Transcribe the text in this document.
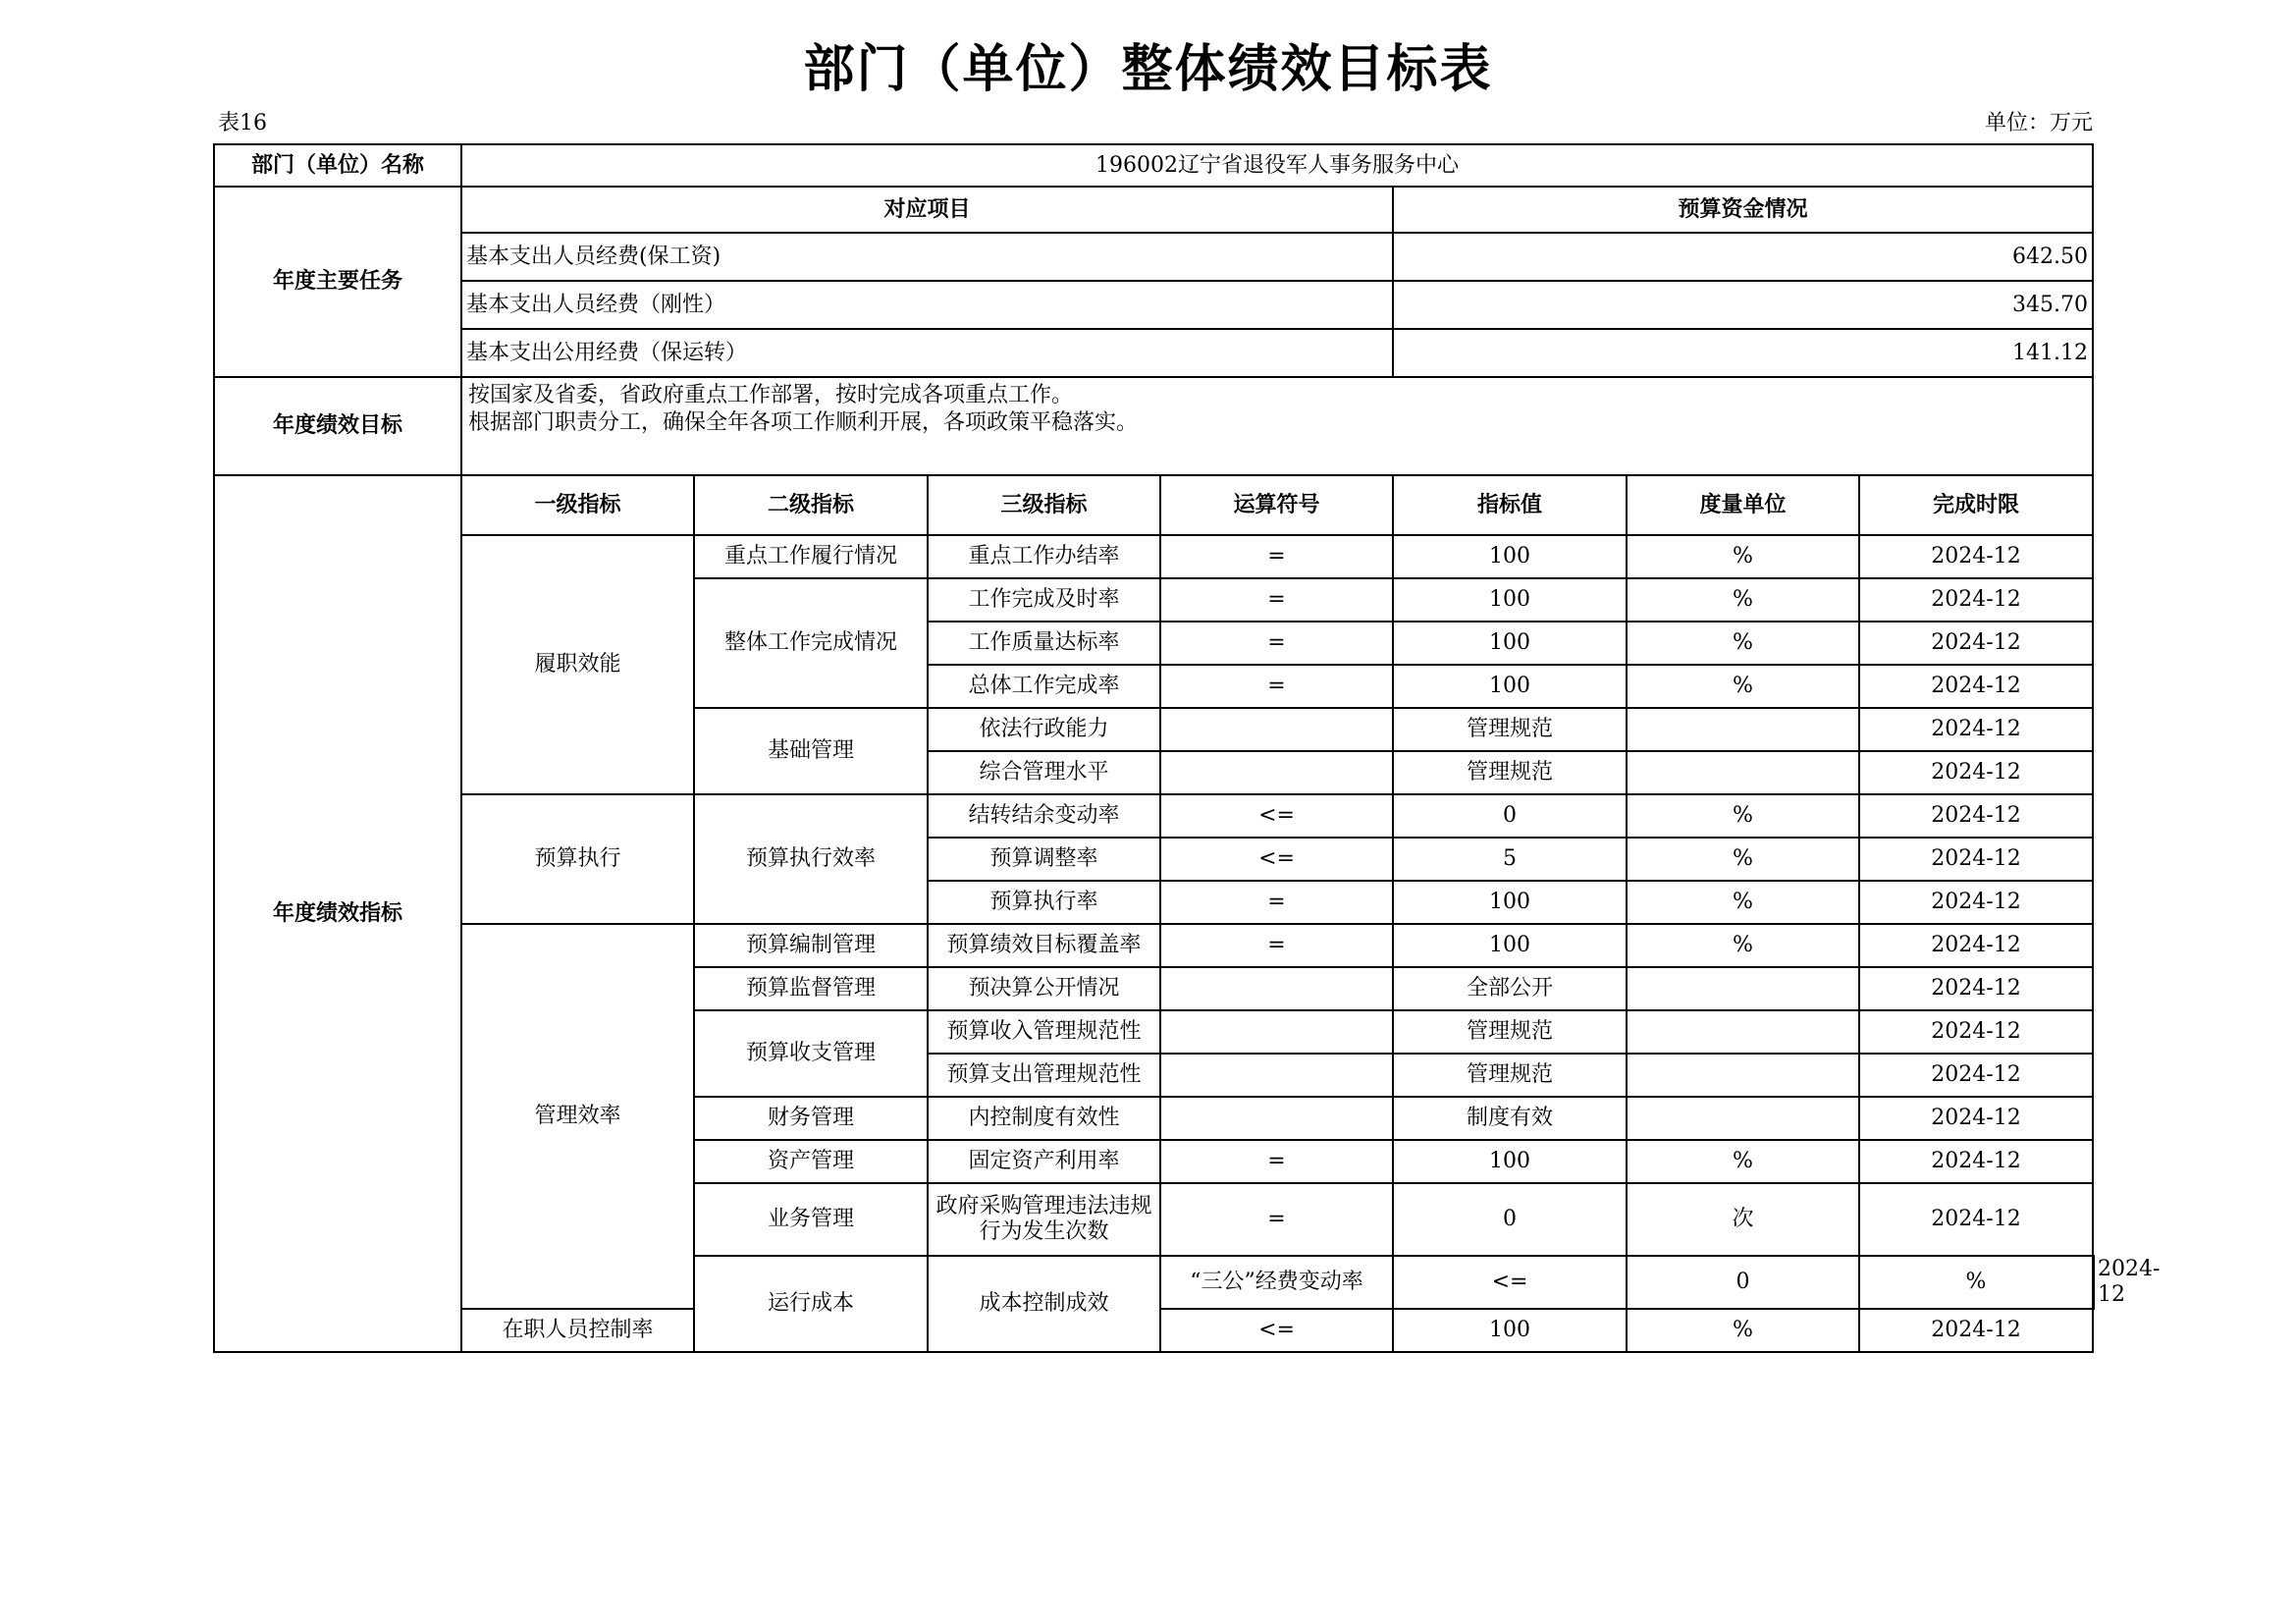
部门（单位）整体绩效目标表
表16	单位：万元
部门（单位）名称	196002辽宁省退役军人事务服务中心							
年度主要任务	对应项目				预算资金情况			
	基本支出人员经费(保工资)				642.50			
	基本支出人员经费（刚性）				345.70			
	基本支出公用经费（保运转）				141.12			
年度绩效目标	按国家及省委，省政府重点工作部署，按时完成各项重点工作。
根据部门职责分工，确保全年各项工作顺利开展，各项政策平稳落实。							

年度绩效指标	一级指标	二级指标	三级指标	运算符号	指标值	度量单位	完成时限	
	履职效能	重点工作履行情况	重点工作办结率	=	100	%	2024-12	
		整体工作完成情况	工作完成及时率	=	100	%	2024-12	
			工作质量达标率	=	100	%	2024-12	
			总体工作完成率	=	100	%	2024-12	
		基础管理	依法行政能力		管理规范		2024-12	
			综合管理水平		管理规范		2024-12	
	预算执行	预算执行效率	结转结余变动率	<=	0	%	2024-12	
			预算调整率	<=	5	%	2024-12	
			预算执行率	=	100	%	2024-12	
	管理效率	预算编制管理	预算绩效目标覆盖率	=	100	%	2024-12	
		预算监督管理	预决算公开情况		全部公开		2024-12	
		预算收支管理	预算收入管理规范性		管理规范		2024-12	
			预算支出管理规范性		管理规范		2024-12	
		财务管理	内控制度有效性		制度有效		2024-12	
		资产管理	固定资产利用率	=	100	%	2024-12	
		业务管理	政府采购管理违法违规行为发生次数	=	0	次	2024-12	
		运行成本	成本控制成效	“三公”经费变动率	<=	0	%	2024-12
	在职人员控制率			<=	100	%	2024-12	
